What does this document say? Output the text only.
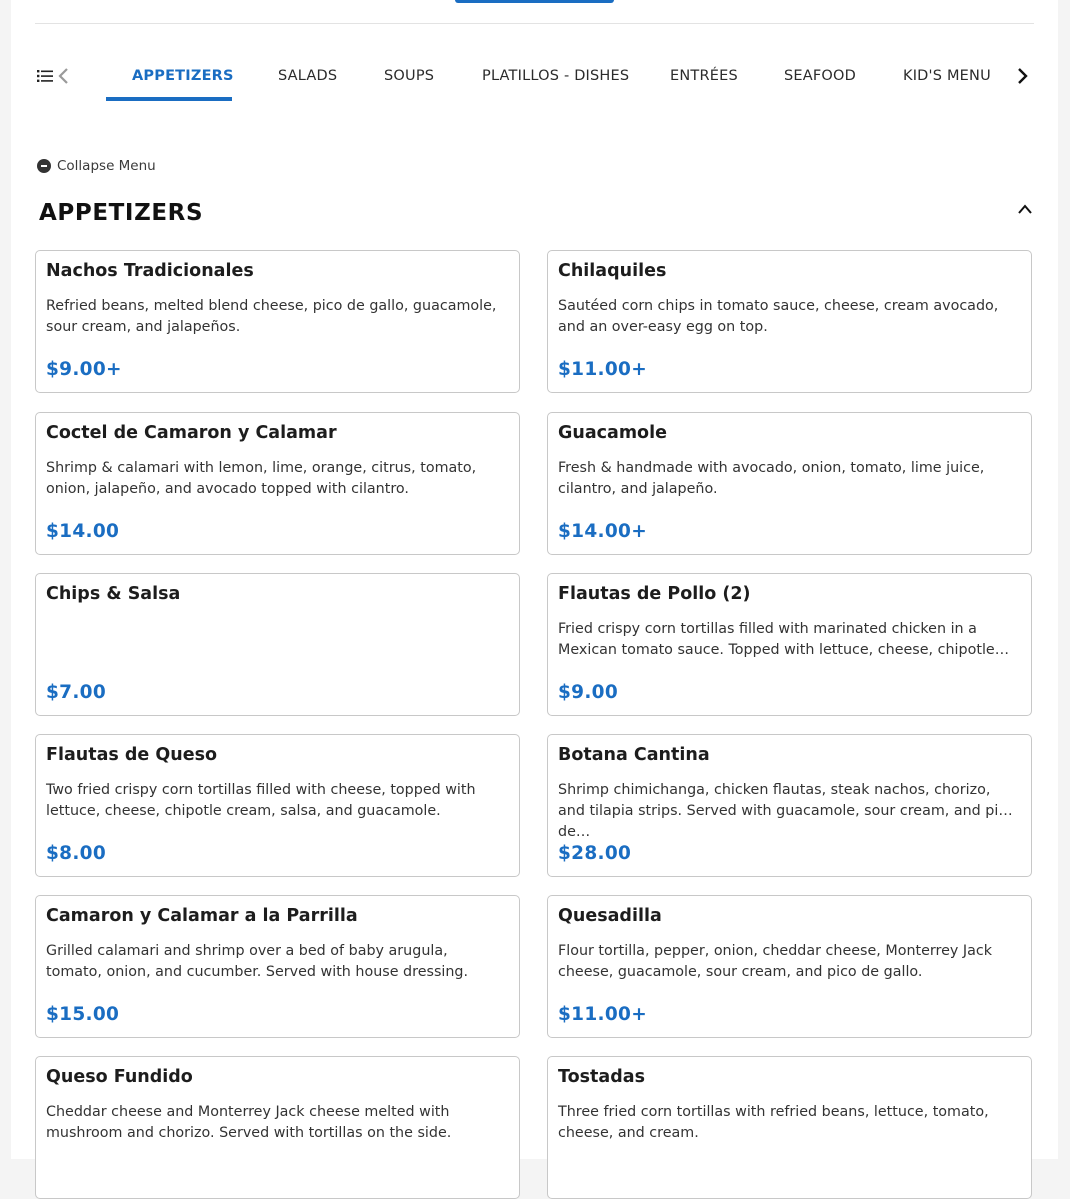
APPETIZERS	SALADS	SOUPS	PLATILLOS - DISHES	ENTRÉES	SEAFOOD	KID'S MENU
Collapse Menu
APPETIZERS
Nachos Tradicionales
Refried beans, melted blend cheese, pico de gallo, guacamole, sour cream, and jalapeños.
$9.00+
Chilaquiles
Sautéed corn chips in tomato sauce, cheese, cream avocado, and an over-easy egg on top.
$11.00+
Coctel de Camaron y Calamar
Shrimp & calamari with lemon, lime, orange, citrus, tomato, onion, jalapeño, and avocado topped with cilantro.
$14.00
Guacamole
Fresh & handmade with avocado, onion, tomato, lime juice, cilantro, and jalapeño.
$14.00+
Chips & Salsa
$7.00
Flautas de Pollo (2)
Fried crispy corn tortillas filled with marinated chicken in a Mexican tomato sauce. Topped with lettuce, cheese, chipotle…
$9.00
Flautas de Queso
Two fried crispy corn tortillas filled with cheese, topped with lettuce, cheese, chipotle cream, salsa, and guacamole.
$8.00
Botana Cantina
Shrimp chimichanga, chicken flautas, steak nachos, chorizo, and tilapia strips. Served with guacamole, sour cream, and pico de…
$28.00
Camaron y Calamar a la Parrilla
Grilled calamari and shrimp over a bed of baby arugula, tomato, onion, and cucumber. Served with house dressing.
$15.00
Quesadilla
Flour tortilla, pepper, onion, cheddar cheese, Monterrey Jack cheese, guacamole, sour cream, and pico de gallo.
$11.00+
Queso Fundido
Cheddar cheese and Monterrey Jack cheese melted with mushroom and chorizo. Served with tortillas on the side.
Tostadas
Three fried corn tortillas with refried beans, lettuce, tomato, cheese, and cream.
